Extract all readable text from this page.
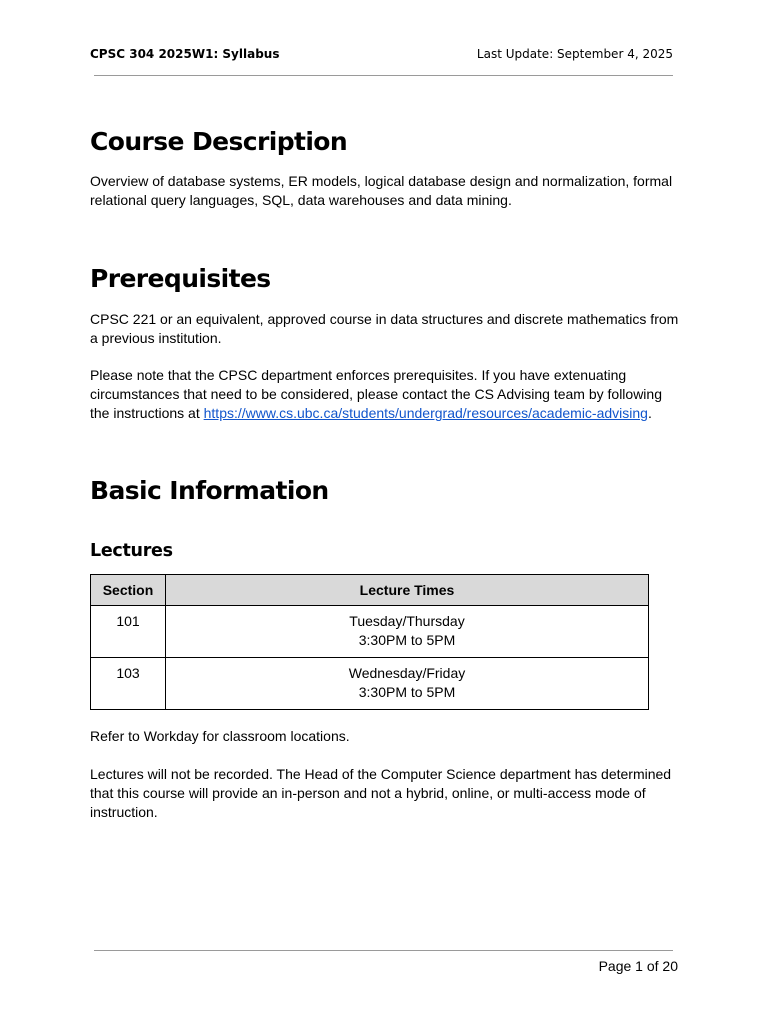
CPSC 304 2025W1: Syllabus	Last Update: September 4, 2025
Course Description

Overview of database systems, ER models, logical database design and normalization, formal relational query languages, SQL, data warehouses and data mining.

Prerequisites

CPSC 221 or an equivalent, approved course in data structures and discrete mathematics from a previous institution.

Please note that the CPSC department enforces prerequisites. If you have extenuating circumstances that need to be considered, please contact the CS Advising team by following the instructions at https://www.cs.ubc.ca/students/undergrad/resources/academic-advising.

Basic Information
Lectures
Section	Lecture Times
101	Tuesday/Thursday
3:30PM to 5PM

103	Wednesday/Friday
3:30PM to 5PM

Refer to Workday for classroom locations.

Lectures will not be recorded. The Head of the Computer Science department has determined that this course will provide an in-person and not a hybrid, online, or multi-access mode of instruction.

Page 1 of 20
